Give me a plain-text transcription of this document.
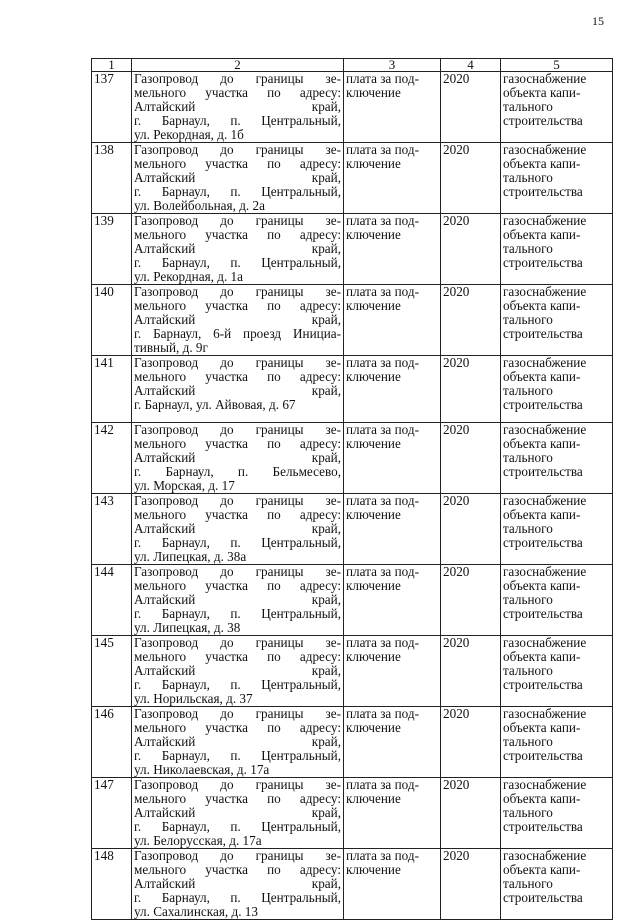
15
1	2	3	4	5
137	Газопровод до границы зе-
мельного участка по адресу:
Алтайский край,
г. Барнаул, п. Центральный,
ул. Рекордная, д. 1б	плата за под-
ключение	2020	газоснабжение
объекта капи-
тального
строительства

138	Газопровод до границы зе-
мельного участка по адресу:
Алтайский край,
г. Барнаул, п. Центральный,
ул. Волейбольная, д. 2а	плата за под-
ключение	2020	газоснабжение
объекта капи-
тального
строительства

139	Газопровод до границы зе-
мельного участка по адресу:
Алтайский край,
г. Барнаул, п. Центральный,
ул. Рекордная, д. 1а	плата за под-
ключение	2020	газоснабжение
объекта капи-
тального
строительства

140	Газопровод до границы зе-
мельного участка по адресу:
Алтайский край,
г. Барнаул, 6-й проезд Инициа-
тивный, д. 9г	плата за под-
ключение	2020	газоснабжение
объекта капи-
тального
строительства

141	Газопровод до границы зе-
мельного участка по адресу:
Алтайский край,
г. Барнаул, ул. Айвовая, д. 67	плата за под-
ключение	2020	газоснабжение
объекта капи-
тального
строительства

142	Газопровод до границы зе-
мельного участка по адресу:
Алтайский край,
г. Барнаул, п. Бельмесево,
ул. Морская, д. 17	плата за под-
ключение	2020	газоснабжение
объекта капи-
тального
строительства

143	Газопровод до границы зе-
мельного участка по адресу:
Алтайский край,
г. Барнаул, п. Центральный,
ул. Липецкая, д. 38а	плата за под-
ключение	2020	газоснабжение
объекта капи-
тального
строительства

144	Газопровод до границы зе-
мельного участка по адресу:
Алтайский край,
г. Барнаул, п. Центральный,
ул. Липецкая, д. 38	плата за под-
ключение	2020	газоснабжение
объекта капи-
тального
строительства

145	Газопровод до границы зе-
мельного участка по адресу:
Алтайский край,
г. Барнаул, п. Центральный,
ул. Норильская, д. 37	плата за под-
ключение	2020	газоснабжение
объекта капи-
тального
строительства

146	Газопровод до границы зе-
мельного участка по адресу:
Алтайский край,
г. Барнаул, п. Центральный,
ул. Николаевская, д. 17а	плата за под-
ключение	2020	газоснабжение
объекта капи-
тального
строительства

147	Газопровод до границы зе-
мельного участка по адресу:
Алтайский край,
г. Барнаул, п. Центральный,
ул. Белорусская, д. 17а	плата за под-
ключение	2020	газоснабжение
объекта капи-
тального
строительства

148	Газопровод до границы зе-
мельного участка по адресу:
Алтайский край,
г. Барнаул, п. Центральный,
ул. Сахалинская, д. 13	плата за под-
ключение	2020	газоснабжение
объекта капи-
тального
строительства
